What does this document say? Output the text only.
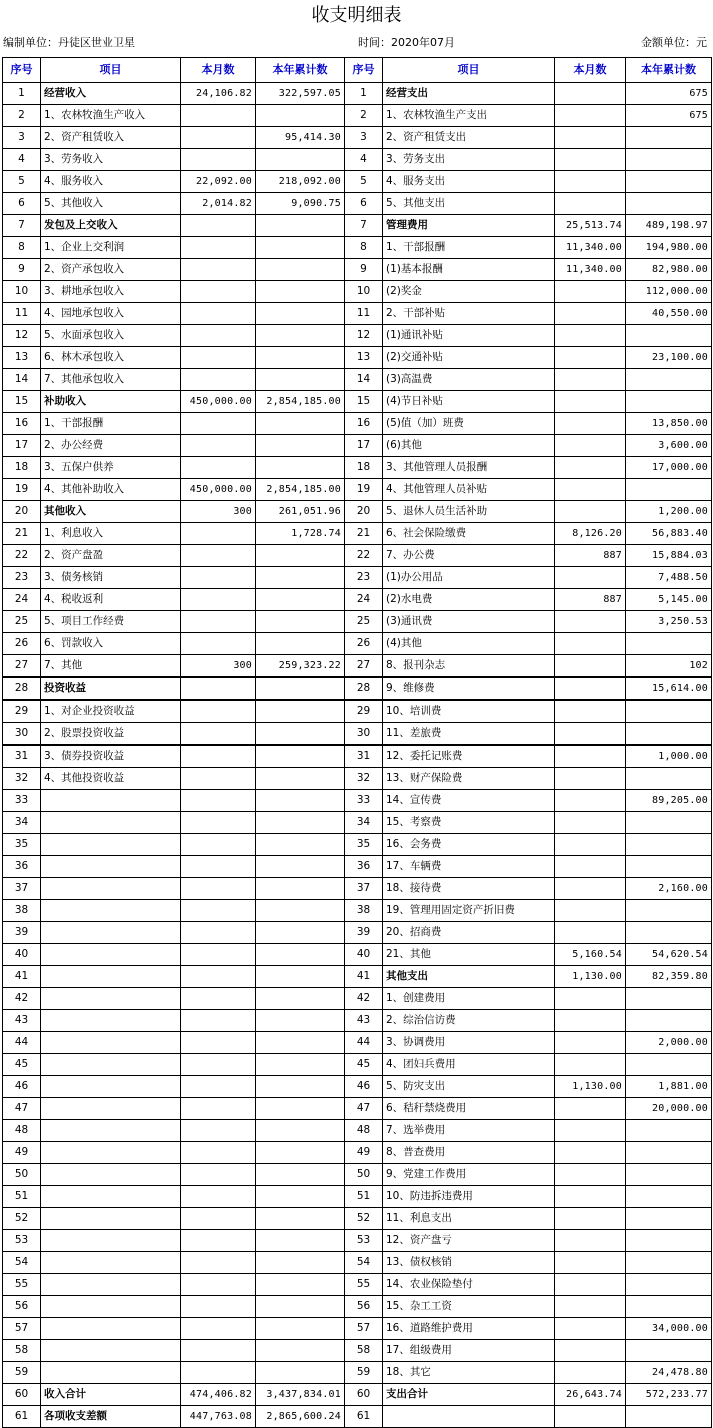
收支明细表
编制单位：丹徒区世业卫星	时间：2020年07月	金额单位：元
序号	项目	本月数	本年累计数	序号	项目	本月数	本年累计数
1	经营收入	24,106.82	322,597.05	1	经营支出		675
2	1、农林牧渔生产收入			2	1、农林牧渔生产支出		675
3	2、资产租赁收入		95,414.30	3	2、资产租赁支出		
4	3、劳务收入			4	3、劳务支出		
5	4、服务收入	22,092.00	218,092.00	5	4、服务支出		
6	5、其他收入	2,014.82	9,090.75	6	5、其他支出		
7	发包及上交收入			7	管理费用	25,513.74	489,198.97
8	1、企业上交利润			8	1、干部报酬	11,340.00	194,980.00
9	2、资产承包收入			9	(1)基本报酬	11,340.00	82,980.00
10	3、耕地承包收入			10	(2)奖金		112,000.00
11	4、园地承包收入			11	2、干部补贴		40,550.00
12	5、水面承包收入			12	(1)通讯补贴		
13	6、林木承包收入			13	(2)交通补贴		23,100.00
14	7、其他承包收入			14	(3)高温费		
15	补助收入	450,000.00	2,854,185.00	15	(4)节日补贴		
16	1、干部报酬			16	(5)值（加）班费		13,850.00
17	2、办公经费			17	(6)其他		3,600.00
18	3、五保户供养			18	3、其他管理人员报酬		17,000.00
19	4、其他补助收入	450,000.00	2,854,185.00	19	4、其他管理人员补贴		
20	其他收入	300	261,051.96	20	5、退休人员生活补助		1,200.00
21	1、利息收入		1,728.74	21	6、社会保险缴费	8,126.20	56,883.40
22	2、资产盘盈			22	7、办公费	887	15,884.03
23	3、债务核销			23	(1)办公用品		7,488.50
24	4、税收返利			24	(2)水电费	887	5,145.00
25	5、项目工作经费			25	(3)通讯费		3,250.53
26	6、罚款收入			26	(4)其他		
27	7、其他	300	259,323.22	27	8、报刊杂志		102
28	投资收益			28	9、维修费		15,614.00
29	1、对企业投资收益			29	10、培训费		
30	2、股票投资收益			30	11、差旅费		
31	3、债券投资收益			31	12、委托记账费		1,000.00
32	4、其他投资收益			32	13、财产保险费		
33				33	14、宣传费		89,205.00
34				34	15、考察费		
35				35	16、会务费		
36				36	17、车辆费		
37				37	18、接待费		2,160.00
38				38	19、管理用固定资产折旧费		
39				39	20、招商费		
40				40	21、其他	5,160.54	54,620.54
41				41	其他支出	1,130.00	82,359.80
42				42	1、创建费用		
43				43	2、综治信访费		
44				44	3、协调费用		2,000.00
45				45	4、团妇兵费用		
46				46	5、防灾支出	1,130.00	1,881.00
47				47	6、秸秆禁烧费用		20,000.00
48				48	7、选举费用		
49				49	8、普查费用		
50				50	9、党建工作费用		
51				51	10、防违拆违费用		
52				52	11、利息支出		
53				53	12、资产盘亏		
54				54	13、债权核销		
55				55	14、农业保险垫付		
56				56	15、杂工工资		
57				57	16、道路维护费用		34,000.00
58				58	17、组级费用		
59				59	18、其它		24,478.80
60	收入合计	474,406.82	3,437,834.01	60	支出合计	26,643.74	572,233.77
61	各项收支差额	447,763.08	2,865,600.24	61			
